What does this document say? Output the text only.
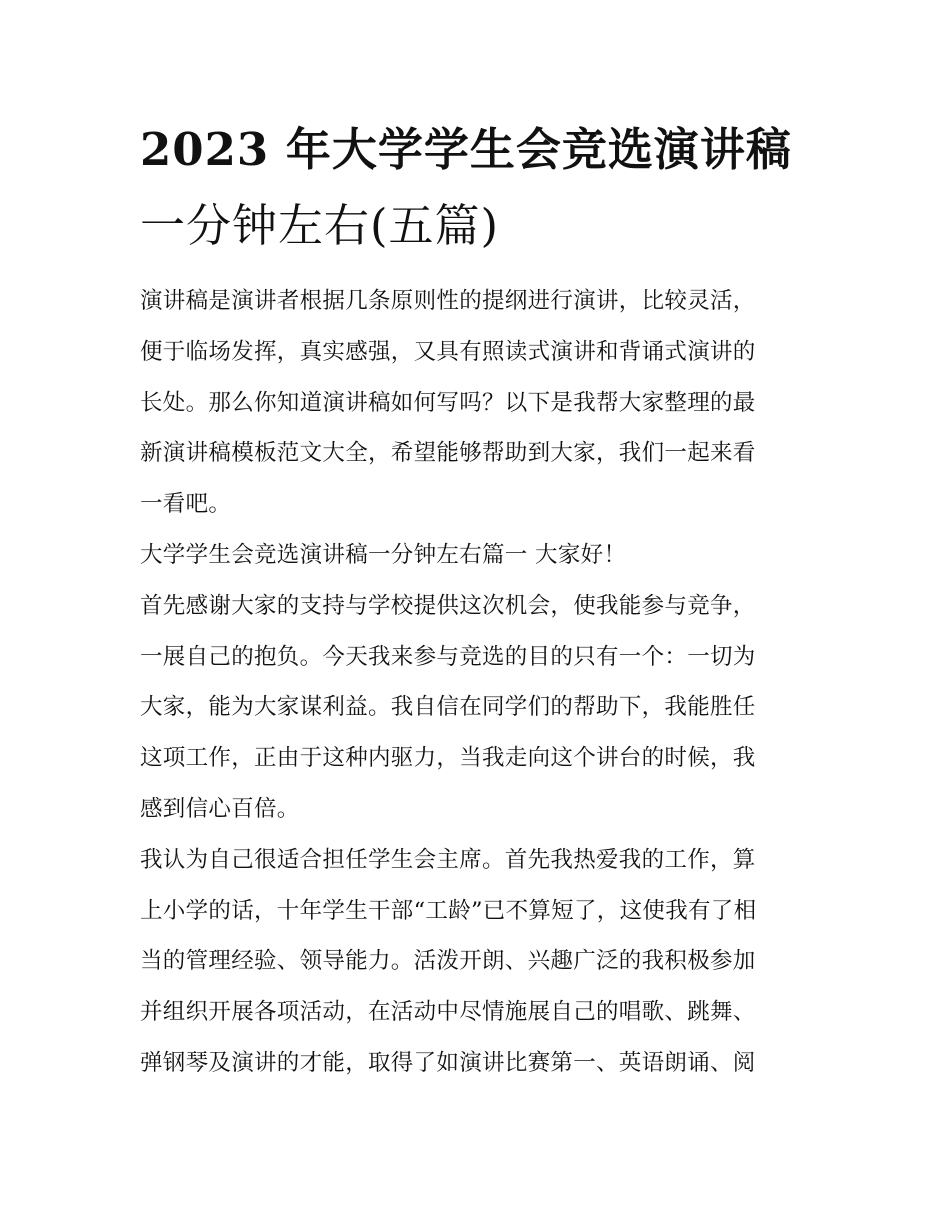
2023 年大学学生会竞选演讲稿
一分钟左右(五篇)
演讲稿是演讲者根据几条原则性的提纲进行演讲，比较灵活，
便于临场发挥，真实感强，又具有照读式演讲和背诵式演讲的
长处。那么你知道演讲稿如何写吗？以下是我帮大家整理的最
新演讲稿模板范文大全，希望能够帮助到大家，我们一起来看
一看吧。
大学学生会竞选演讲稿一分钟左右篇一 大家好！
首先感谢大家的支持与学校提供这次机会，使我能参与竞争，
一展自己的抱负。今天我来参与竞选的目的只有一个：一切为
大家，能为大家谋利益。我自信在同学们的帮助下，我能胜任
这项工作，正由于这种内驱力，当我走向这个讲台的时候，我
感到信心百倍。
我认为自己很适合担任学生会主席。首先我热爱我的工作，算
上小学的话，十年学生干部“工龄”已不算短了，这使我有了相
当的管理经验、领导能力。活泼开朗、兴趣广泛的我积极参加
并组织开展各项活动，在活动中尽情施展自己的唱歌、跳舞、
弹钢琴及演讲的才能，取得了如演讲比赛第一、英语朗诵、阅
